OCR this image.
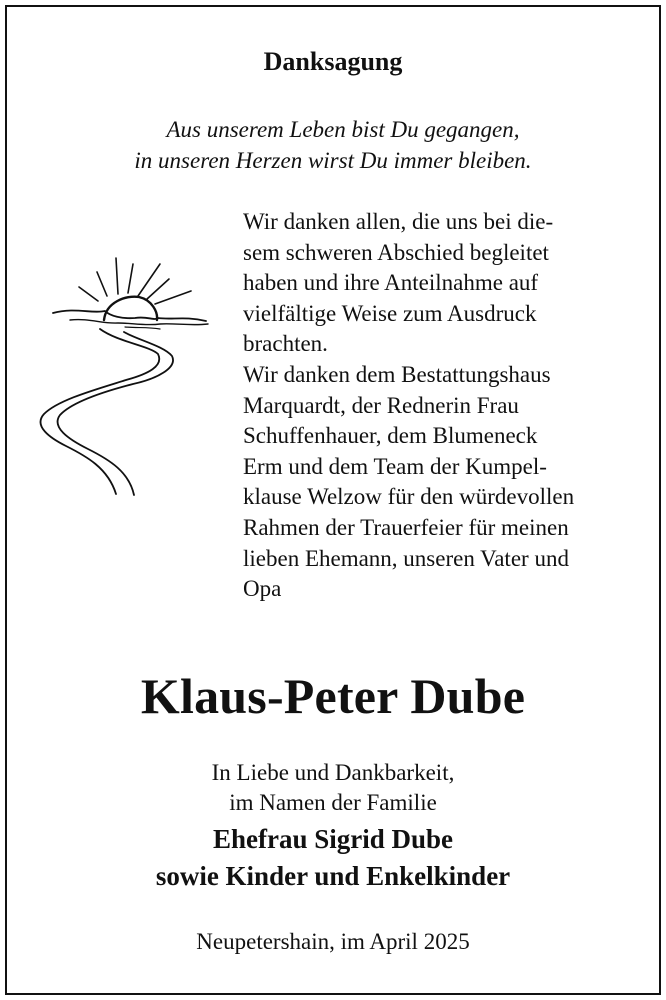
Danksagung
Aus unserem Leben bist Du gegangen,
in unseren Herzen wirst Du immer bleiben.
Wir danken allen, die uns bei die-
sem schweren Abschied begleitet
haben und ihre Anteilnahme auf
vielfältige Weise zum Ausdruck
brachten.
Wir danken dem Bestattungshaus
Marquardt, der Rednerin Frau
Schuffenhauer, dem Blumeneck
Erm und dem Team der Kumpel-
klause Welzow für den würdevollen
Rahmen der Trauerfeier für meinen
lieben Ehemann, unseren Vater und
Opa
Klaus-Peter Dube
In Liebe und Dankbarkeit,
im Namen der Familie
Ehefrau Sigrid Dube
sowie Kinder und Enkelkinder
Neupetershain, im April 2025
